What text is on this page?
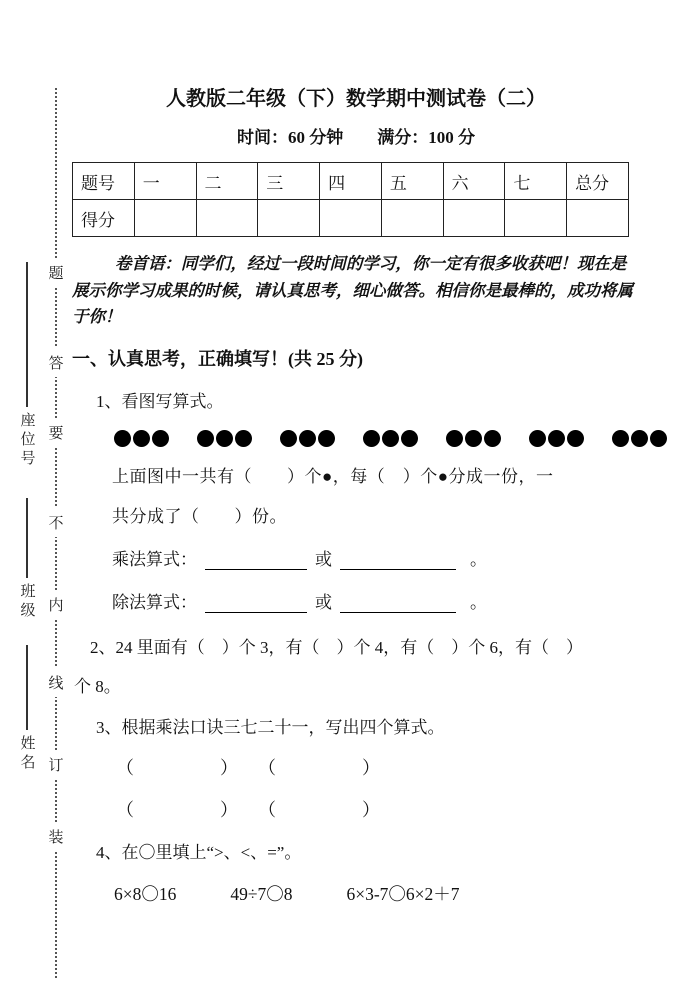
题
答
要
不
内
线
订
装
座位号
班级
姓名
人教版二年级（下）数学期中测试卷（二）
时间：60 分钟　　满分：100 分
题号	一	二	三	四	五	六	七	总分
得分								
卷首语：同学们，经过一段时间的学习，你一定有很多收获吧！现在是展示你学习成果的时候，请认真思考，细心做答。相信你是最棒的，成功将属于你！
一、认真思考，正确填写！(共 25 分)
1、看图写算式。
上面图中一共有（　　）个●，每（　）个●分成一份，一
共分成了（　　）份。
乘法算式：	或	。
除法算式：	或	。
2、24 里面有（　）个 3，有（　）个 4，有（　）个 6，有（　）
个 8。
3、根据乘法口诀三七二十一，写出四个算式。
（	） （	）
（	） （	）
4、在〇里填上“>、<、=”。
6×8〇16	49÷7〇8	6×3-7〇6×2＋7
